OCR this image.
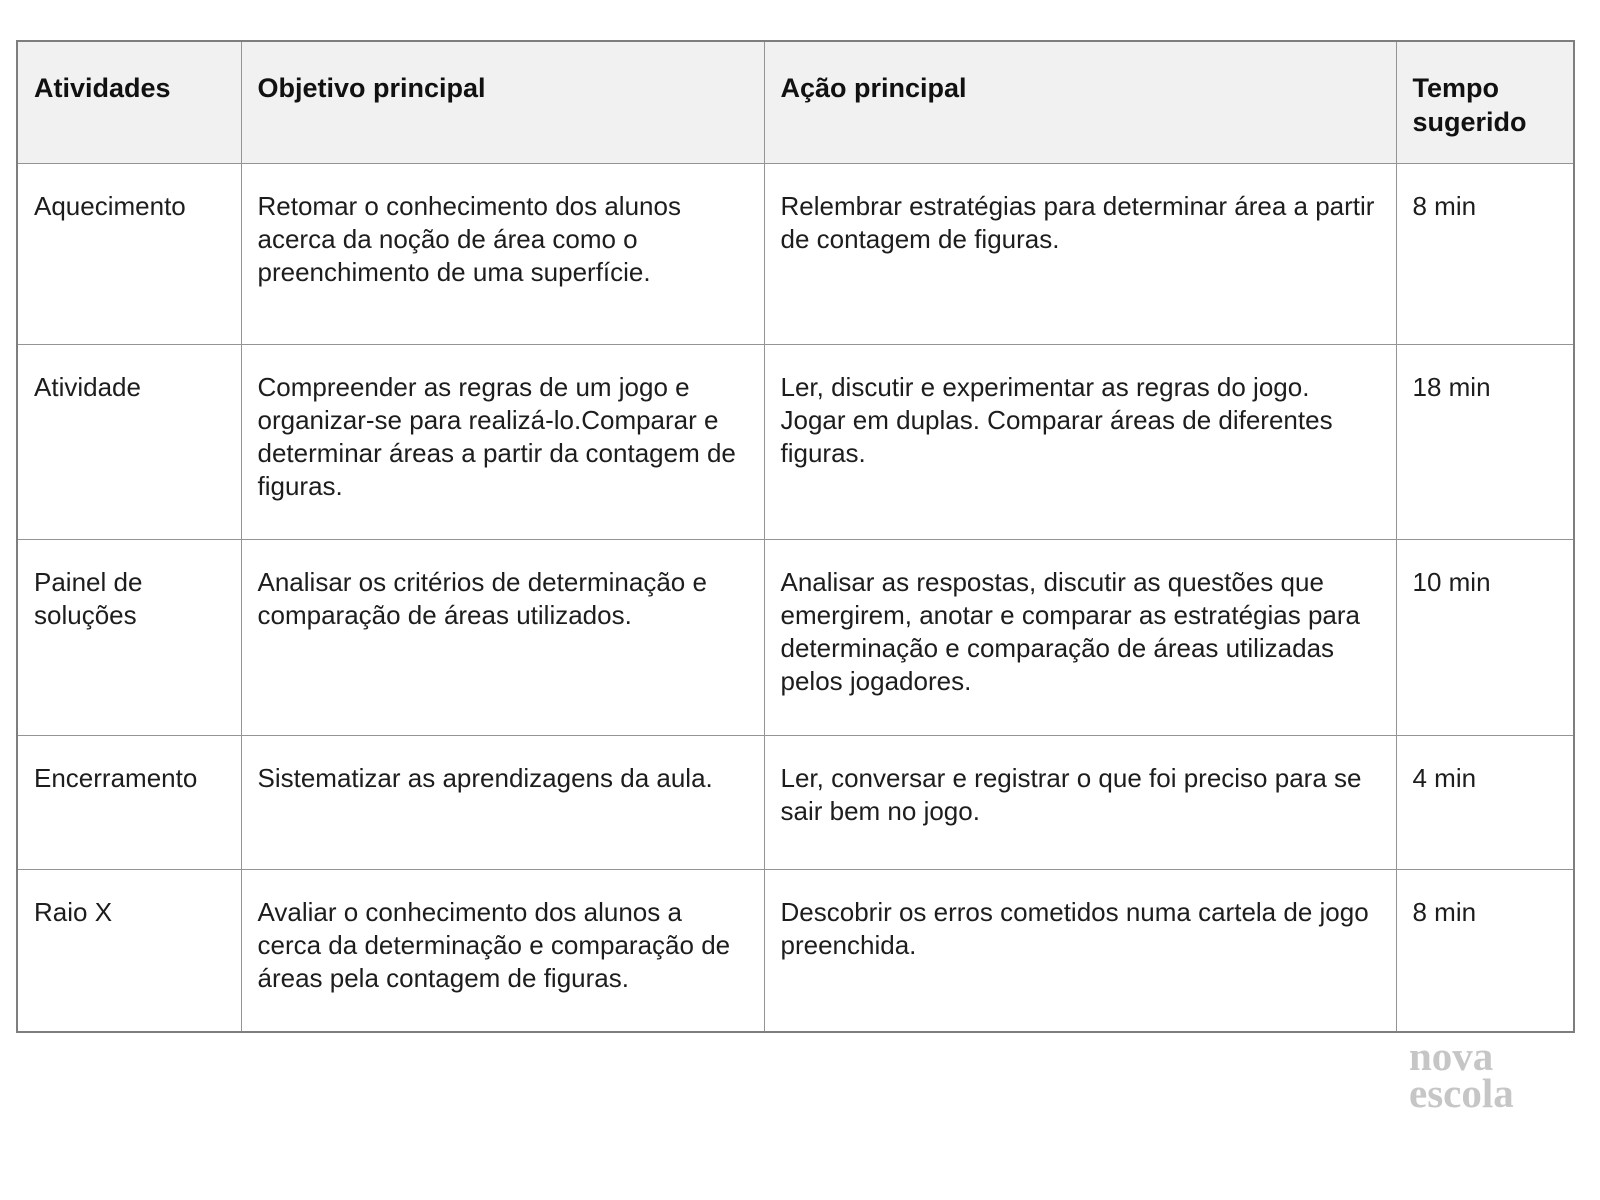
Atividades	Objetivo principal	Ação principal	Tempo sugerido
Aquecimento	Retomar o conhecimento dos alunos acerca da noção de área como o preenchimento de uma superfície.	Relembrar estratégias para determinar área a partir de contagem de figuras.	8 min
Atividade	Compreender as regras de um jogo e organizar-se para realizá-lo.Comparar e determinar áreas a partir da contagem de figuras.	Ler, discutir e experimentar as regras do jogo. Jogar em duplas. Comparar áreas de diferentes figuras.	18 min
Painel de soluções	Analisar os critérios de determinação e comparação de áreas utilizados.	Analisar as respostas, discutir as questões que emergirem, anotar e comparar as estratégias para determinação e comparação de áreas utilizadas pelos jogadores.	10 min
Encerramento	Sistematizar as aprendizagens da aula.	Ler, conversar e registrar o que foi preciso para se sair bem no jogo.	4 min
Raio X	Avaliar o conhecimento dos alunos a cerca da determinação e comparação de áreas pela contagem de figuras.	Descobrir os erros cometidos numa cartela de jogo preenchida.	8 min
nova
escola
